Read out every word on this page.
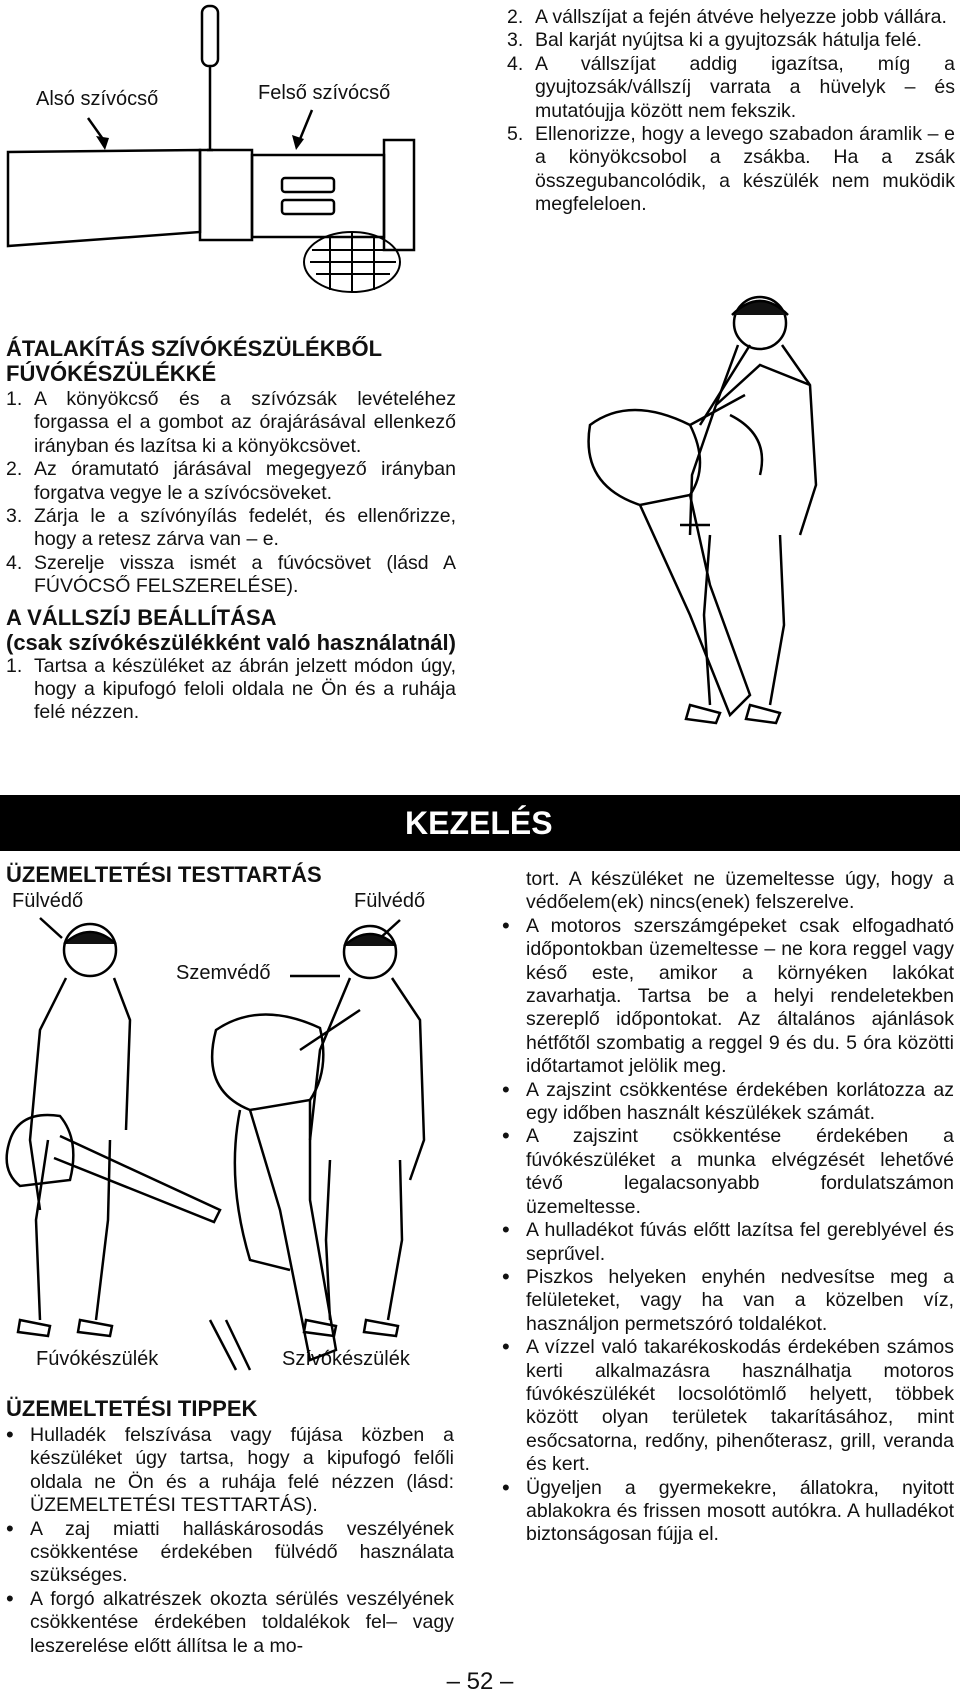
Alsó szívócső	Felső szívócső
2. A vállszíjat a fején átvéve helyezze jobb vállára.
3. Bal karját nyújtsa ki a gyujtozsák hátulja felé.
4. A vállszíjat addig igazítsa, míg a gyujtozsák/vállszíj varrata a hüvelyk – és mutatóujja között nem fekszik.
5. Ellenorizze, hogy a levego szabadon áramlik – e a könyökcsobol a zsákba. Ha a zsák összegubancolódik, a készülék nem muködik megfeleloen.
ÁTALAKÍTÁS SZÍVÓKÉSZÜLÉKBŐL FÚVÓKÉSZÜLÉKKÉ
1. A könyökcső és a szívózsák levételéhez forgassa el a gombot az órajárásával ellenkező irányban és lazítsa ki a könyökcsövet.
2. Az óramutató járásával megegyező irányban forgatva vegye le a szívócsöveket.
3. Zárja le a szívónyílás fedelét, és ellenőrizze, hogy a retesz zárva van – e.
4. Szerelje vissza ismét a fúvócsövet (lásd A FÚVÓCSŐ FELSZERELÉSE).
A VÁLLSZÍJ BEÁLLÍTÁSA
(csak szívókészülékként való használatnál)
1. Tartsa a készüléket az ábrán jelzett módon úgy, hogy a kipufogó feloli oldala ne Ön és a ruhája felé nézzen.
KEZELÉS
ÜZEMELTETÉSI TESTTARTÁS
Fülvédő	Fülvédő
Szemvédő
Fúvókészülék	Szívókészülék
ÜZEMELTETÉSI TIPPEK
• Hulladék felszívása vagy fújása közben a készüléket úgy tartsa, hogy a kipufogó felőli oldala ne Ön és a ruhája felé nézzen (lásd: ÜZEMELTETÉSI TESTTARTÁS).
• A zaj miatti halláskárosodás veszélyének csökkentése érdekében fülvédő használata szükséges.
• A forgó alkatrészek okozta sérülés veszélyének csökkentése érdekében toldalékok fel– vagy leszerelése előtt állítsa le a mo-
tort. A készüléket ne üzemeltesse úgy, hogy a védőelem(ek) nincs(enek) felszerelve.
• A motoros szerszámgépeket csak elfogadható időpontokban üzemeltesse – ne kora reggel vagy késő este, amikor a környéken lakókat zavarhatja. Tartsa be a helyi rendeletekben szereplő időpontokat. Az általános ajánlások hétfőtől szombatig a reggel 9 és du. 5 óra közötti időtartamot jelölik meg.
• A zajszint csökkentése érdekében korlátozza az egy időben használt készülékek számát.
• A zajszint csökkentése érdekében a fúvókészüléket a munka elvégzését lehetővé tévő legalacsonyabb fordulatszámon üzemeltesse.
• A hulladékot fúvás előtt lazítsa fel gereblyével és seprűvel.
• Piszkos helyeken enyhén nedvesítse meg a felületeket, vagy ha van a közelben víz, használjon permetszóró toldalékot.
• A vízzel való takarékoskodás érdekében számos kerti alkalmazásra használhatja motoros fúvókészülékét locsolótömlő helyett, többek között olyan területek takarításához, mint esőcsatorna, redőny, pihenőterasz, grill, veranda és kert.
• Ügyeljen a gyermekekre, állatokra, nyitott ablakokra és frissen mosott autókra. A hulladékot biztonságosan fújja el.
– 52 –
